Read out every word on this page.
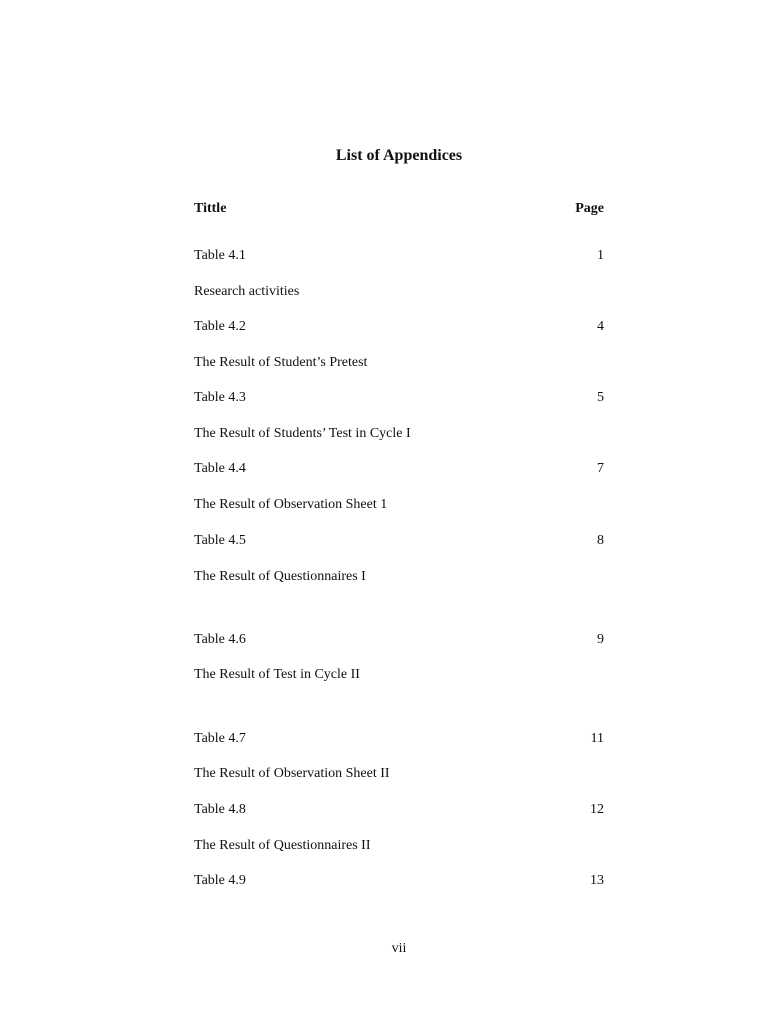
List of Appendices
Tittle	Page
Table 4.1	1
Research activities
Table 4.2	4
The Result of Student’s Pretest
Table 4.3	5
The Result of Students’ Test in Cycle I
Table 4.4	7
The Result of Observation Sheet 1
Table 4.5	8
The Result of Questionnaires I
Table 4.6	9
The Result of Test in Cycle II
Table 4.7	11
The Result of Observation Sheet II
Table 4.8	12
The Result of Questionnaires II
Table 4.9	13
vii
